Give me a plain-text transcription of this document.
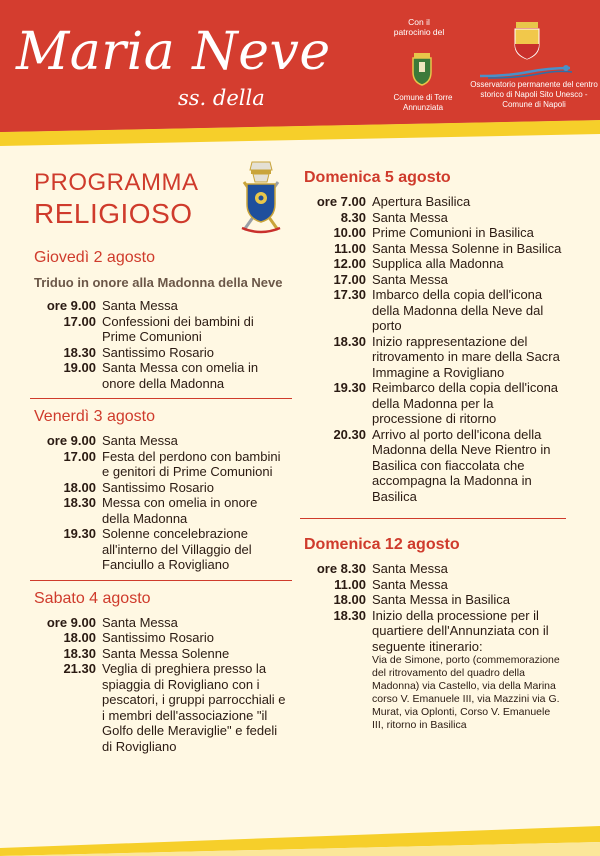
Maria Neve
ss. della
Con il patrocinio del
Comune di Torre Annunziata
Osservatorio permanente del centro storico di Napoli Sito Unesco - Comune di Napoli
PROGRAMMA
RELIGIOSO
Giovedì 2 agosto
Triduo in onore alla Madonna della Neve
ore 9.00 Santa Messa
17.00 Confessioni dei bambini di Prime Comunioni
18.30 Santissimo Rosario
19.00 Santa Messa con omelia in onore della Madonna
Venerdì 3 agosto
ore 9.00 Santa Messa
17.00 Festa del perdono con bambini e genitori di Prime Comunioni
18.00 Santissimo Rosario
18.30 Messa con omelia in onore della Madonna
19.30 Solenne concelebrazione all'interno del Villaggio del Fanciullo a Rovigliano
Sabato 4 agosto
ore 9.00 Santa Messa
18.00 Santissimo Rosario
18.30 Santa Messa Solenne
21.30 Veglia di preghiera presso la spiaggia di Rovigliano con i pescatori, i gruppi parrocchiali e i membri dell'associazione "il Golfo delle Meraviglie" e fedeli di Rovigliano
Domenica 5 agosto
ore 7.00 Apertura Basilica
8.30 Santa Messa
10.00 Prime Comunioni in Basilica
11.00 Santa Messa Solenne in Basilica
12.00 Supplica alla Madonna
17.00 Santa Messa
17.30 Imbarco della copia dell'icona della Madonna della Neve dal porto
18.30 Inizio rappresentazione del ritrovamento in mare della Sacra Immagine a Rovigliano
19.30 Reimbarco della copia dell'icona della Madonna per la processione di ritorno
20.30 Arrivo al porto dell'icona della Madonna della Neve Rientro in Basilica con fiaccolata che accompagna la Madonna in Basilica
Domenica 12 agosto
ore 8.30 Santa Messa
11.00 Santa Messa
18.00 Santa Messa in Basilica
18.30 Inizio della processione per il quartiere dell'Annunziata con il seguente itinerario:
Via de Simone, porto (commemorazione del ritrovamento del quadro della Madonna) via Castello, via della Marina corso V. Emanuele III, via Mazzini via G. Murat, via Oplonti, Corso V. Emanuele III, ritorno in Basilica
